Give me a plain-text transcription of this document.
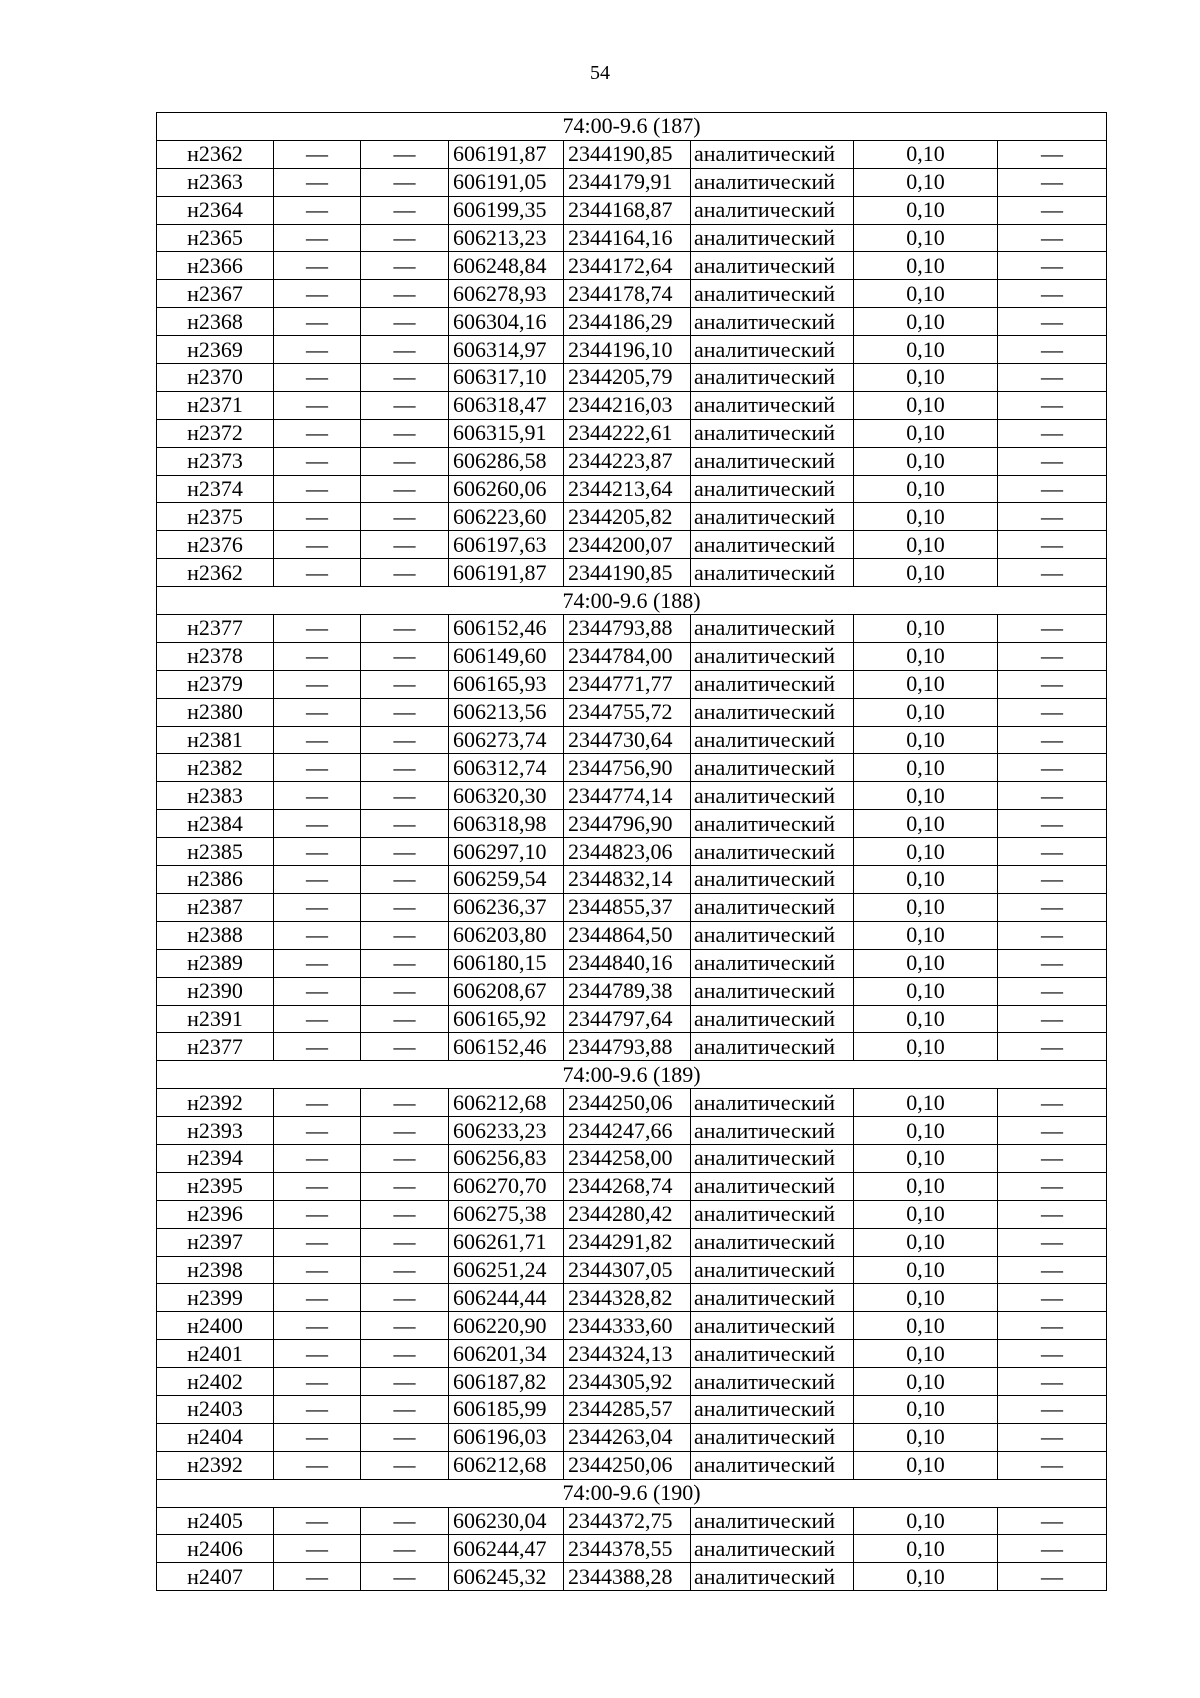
54
74:00-9.6 (187)							
н2362	—	—	606191,87	2344190,85	аналитический	0,10	—
н2363	—	—	606191,05	2344179,91	аналитический	0,10	—
н2364	—	—	606199,35	2344168,87	аналитический	0,10	—
н2365	—	—	606213,23	2344164,16	аналитический	0,10	—
н2366	—	—	606248,84	2344172,64	аналитический	0,10	—
н2367	—	—	606278,93	2344178,74	аналитический	0,10	—
н2368	—	—	606304,16	2344186,29	аналитический	0,10	—
н2369	—	—	606314,97	2344196,10	аналитический	0,10	—
н2370	—	—	606317,10	2344205,79	аналитический	0,10	—
н2371	—	—	606318,47	2344216,03	аналитический	0,10	—
н2372	—	—	606315,91	2344222,61	аналитический	0,10	—
н2373	—	—	606286,58	2344223,87	аналитический	0,10	—
н2374	—	—	606260,06	2344213,64	аналитический	0,10	—
н2375	—	—	606223,60	2344205,82	аналитический	0,10	—
н2376	—	—	606197,63	2344200,07	аналитический	0,10	—
н2362	—	—	606191,87	2344190,85	аналитический	0,10	—
74:00-9.6 (188)							
н2377	—	—	606152,46	2344793,88	аналитический	0,10	—
н2378	—	—	606149,60	2344784,00	аналитический	0,10	—
н2379	—	—	606165,93	2344771,77	аналитический	0,10	—
н2380	—	—	606213,56	2344755,72	аналитический	0,10	—
н2381	—	—	606273,74	2344730,64	аналитический	0,10	—
н2382	—	—	606312,74	2344756,90	аналитический	0,10	—
н2383	—	—	606320,30	2344774,14	аналитический	0,10	—
н2384	—	—	606318,98	2344796,90	аналитический	0,10	—
н2385	—	—	606297,10	2344823,06	аналитический	0,10	—
н2386	—	—	606259,54	2344832,14	аналитический	0,10	—
н2387	—	—	606236,37	2344855,37	аналитический	0,10	—
н2388	—	—	606203,80	2344864,50	аналитический	0,10	—
н2389	—	—	606180,15	2344840,16	аналитический	0,10	—
н2390	—	—	606208,67	2344789,38	аналитический	0,10	—
н2391	—	—	606165,92	2344797,64	аналитический	0,10	—
н2377	—	—	606152,46	2344793,88	аналитический	0,10	—
74:00-9.6 (189)							
н2392	—	—	606212,68	2344250,06	аналитический	0,10	—
н2393	—	—	606233,23	2344247,66	аналитический	0,10	—
н2394	—	—	606256,83	2344258,00	аналитический	0,10	—
н2395	—	—	606270,70	2344268,74	аналитический	0,10	—
н2396	—	—	606275,38	2344280,42	аналитический	0,10	—
н2397	—	—	606261,71	2344291,82	аналитический	0,10	—
н2398	—	—	606251,24	2344307,05	аналитический	0,10	—
н2399	—	—	606244,44	2344328,82	аналитический	0,10	—
н2400	—	—	606220,90	2344333,60	аналитический	0,10	—
н2401	—	—	606201,34	2344324,13	аналитический	0,10	—
н2402	—	—	606187,82	2344305,92	аналитический	0,10	—
н2403	—	—	606185,99	2344285,57	аналитический	0,10	—
н2404	—	—	606196,03	2344263,04	аналитический	0,10	—
н2392	—	—	606212,68	2344250,06	аналитический	0,10	—
74:00-9.6 (190)							
н2405	—	—	606230,04	2344372,75	аналитический	0,10	—
н2406	—	—	606244,47	2344378,55	аналитический	0,10	—
н2407	—	—	606245,32	2344388,28	аналитический	0,10	—
